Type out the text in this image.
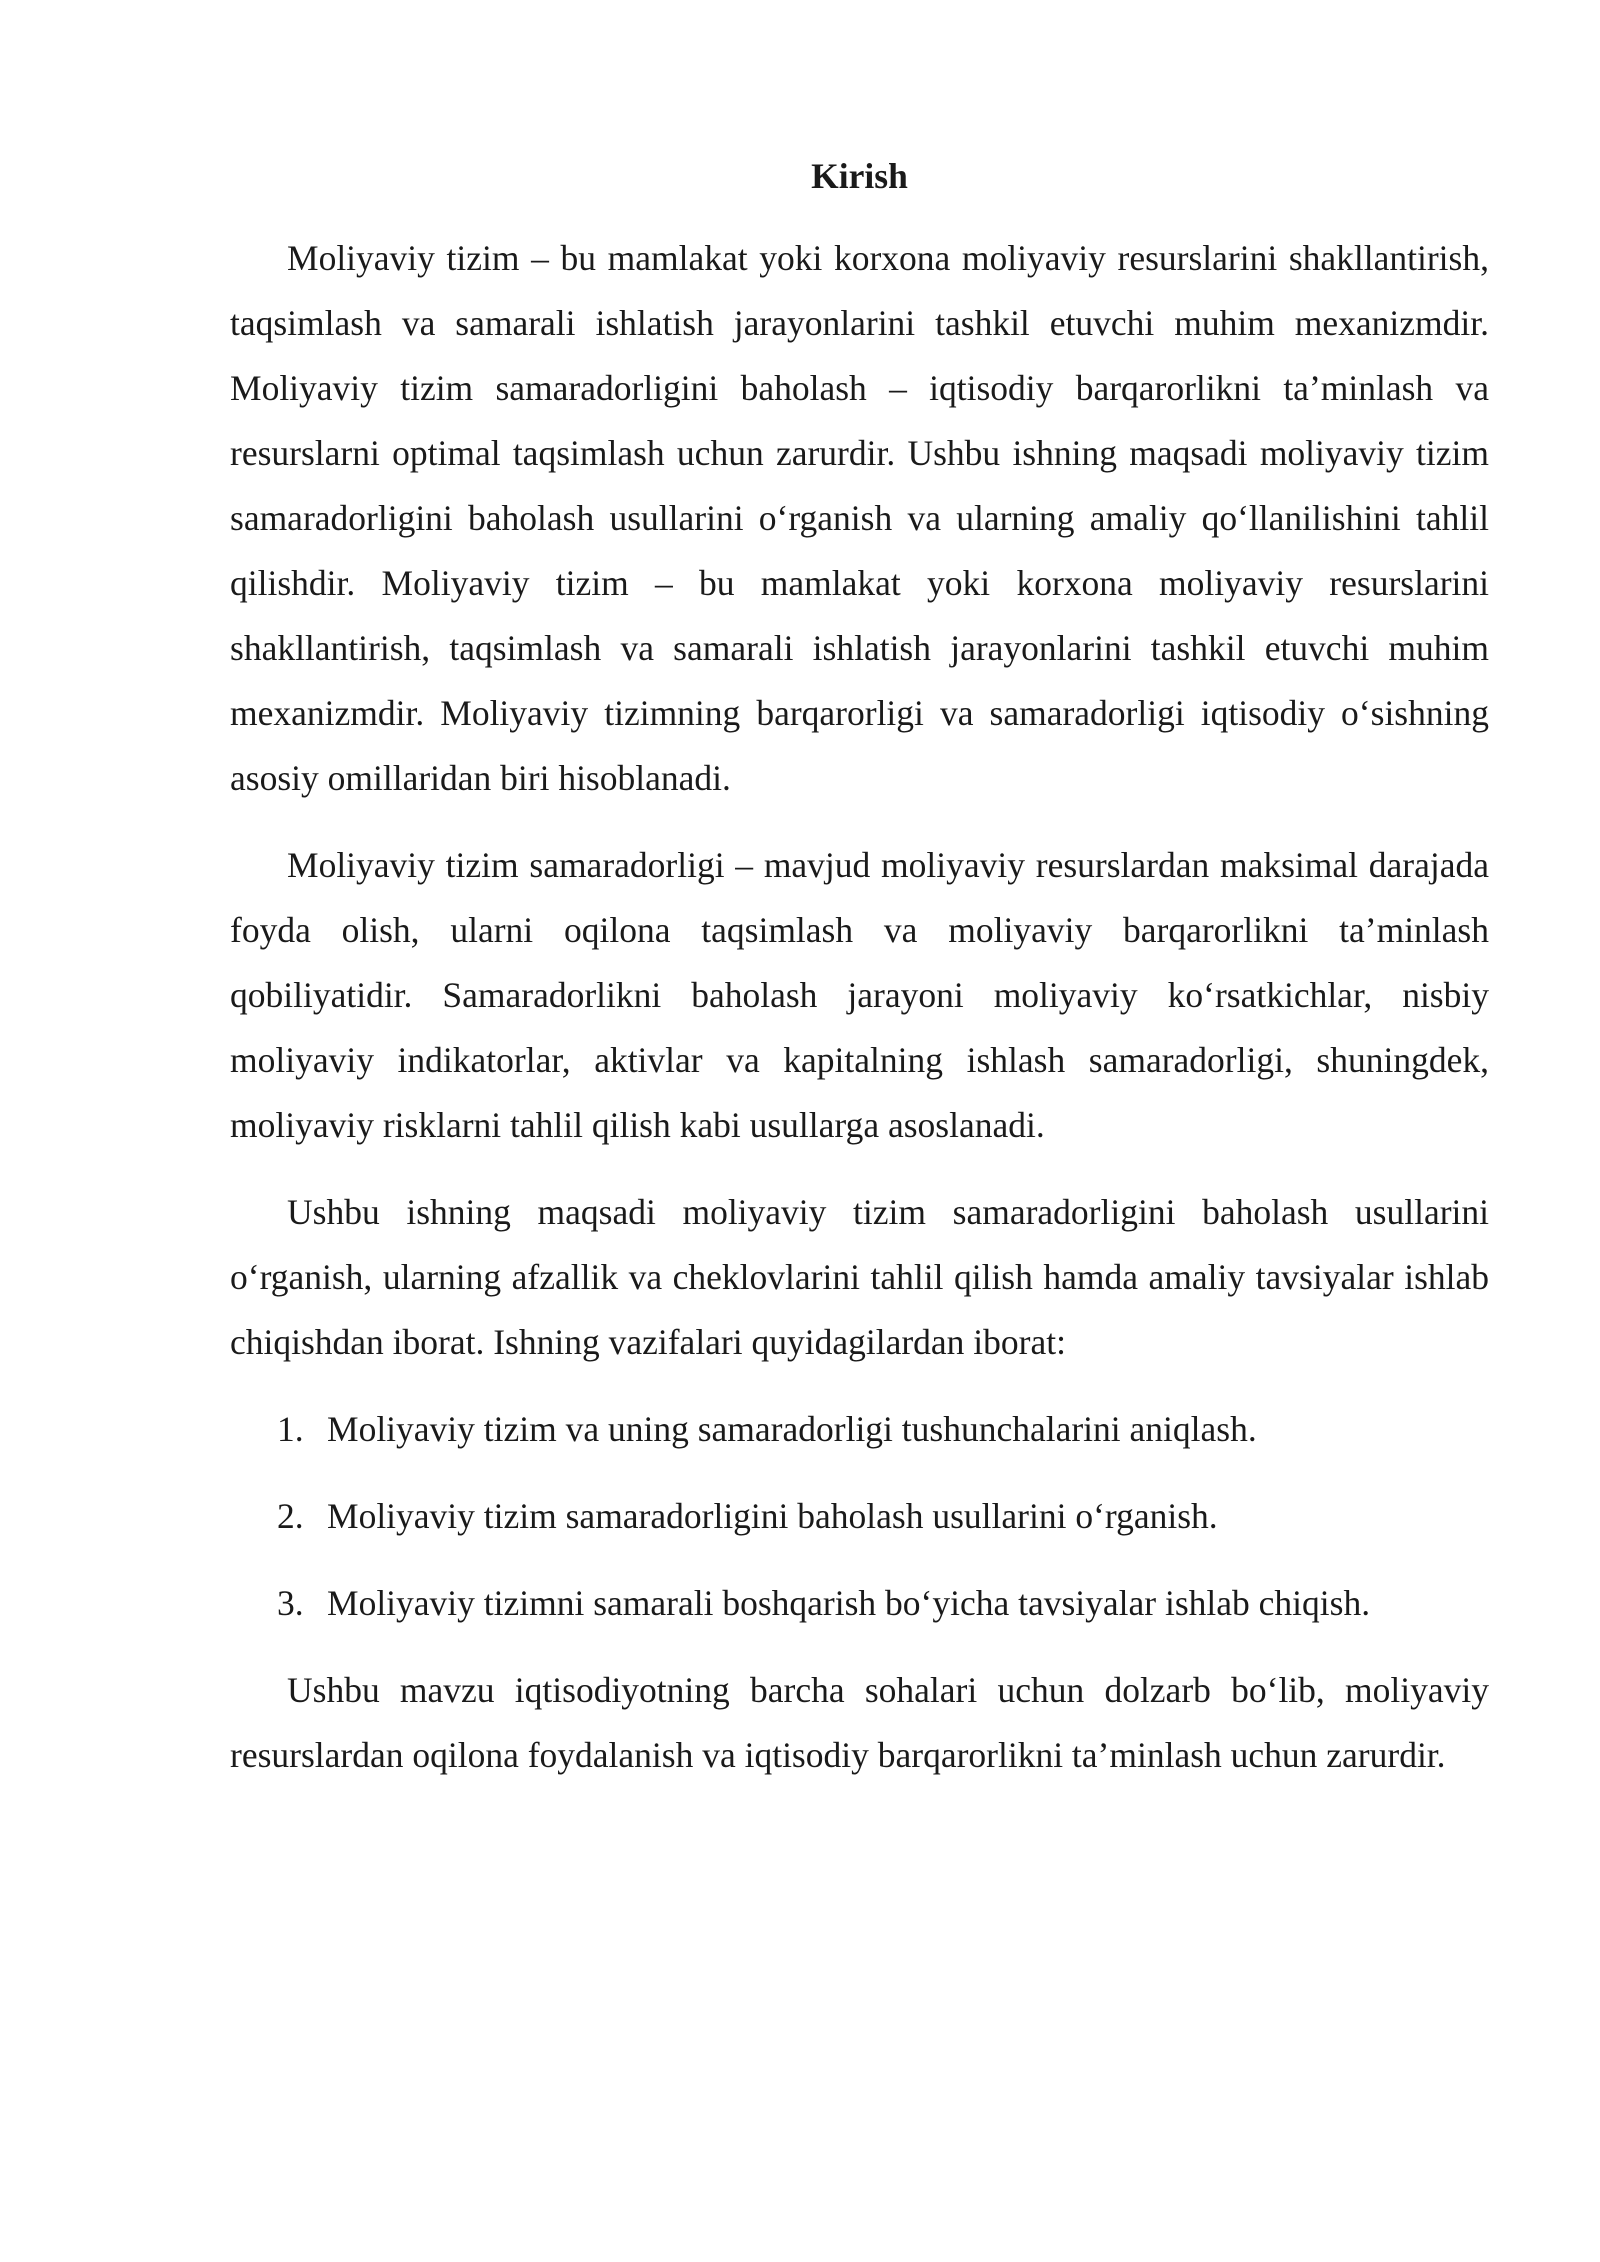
Kirish

Moliyaviy tizim – bu mamlakat yoki korxona moliyaviy resurslarini shakllantirish, taqsimlash va samarali ishlatish jarayonlarini tashkil etuvchi muhim mexanizmdir. Moliyaviy tizim samaradorligini baholash – iqtisodiy barqarorlikni ta’minlash va resurslarni optimal taqsimlash uchun zarurdir. Ushbu ishning maqsadi moliyaviy tizim samaradorligini baholash usullarini o‘rganish va ularning amaliy qo‘llanilishini tahlil qilishdir. Moliyaviy tizim – bu mamlakat yoki korxona moliyaviy resurslarini shakllantirish, taqsimlash va samarali ishlatish jarayonlarini tashkil etuvchi muhim mexanizmdir. Moliyaviy tizimning barqarorligi va samaradorligi iqtisodiy o‘sishning asosiy omillaridan biri hisoblanadi.

Moliyaviy tizim samaradorligi – mavjud moliyaviy resurslardan maksimal darajada foyda olish, ularni oqilona taqsimlash va moliyaviy barqarorlikni ta’minlash qobiliyatidir. Samaradorlikni baholash jarayoni moliyaviy ko‘rsatkichlar, nisbiy moliyaviy indikatorlar, aktivlar va kapitalning ishlash samaradorligi, shuningdek, moliyaviy risklarni tahlil qilish kabi usullarga asoslanadi.

Ushbu ishning maqsadi moliyaviy tizim samaradorligini baholash usullarini o‘rganish, ularning afzallik va cheklovlarini tahlil qilish hamda amaliy tavsiyalar ishlab chiqishdan iborat. Ishning vazifalari quyidagilardan iborat:

1. Moliyaviy tizim va uning samaradorligi tushunchalarini aniqlash.
2. Moliyaviy tizim samaradorligini baholash usullarini o‘rganish.
3. Moliyaviy tizimni samarali boshqarish bo‘yicha tavsiyalar ishlab chiqish.

Ushbu mavzu iqtisodiyotning barcha sohalari uchun dolzarb bo‘lib, moliyaviy resurslardan oqilona foydalanish va iqtisodiy barqarorlikni ta’minlash uchun zarurdir.
